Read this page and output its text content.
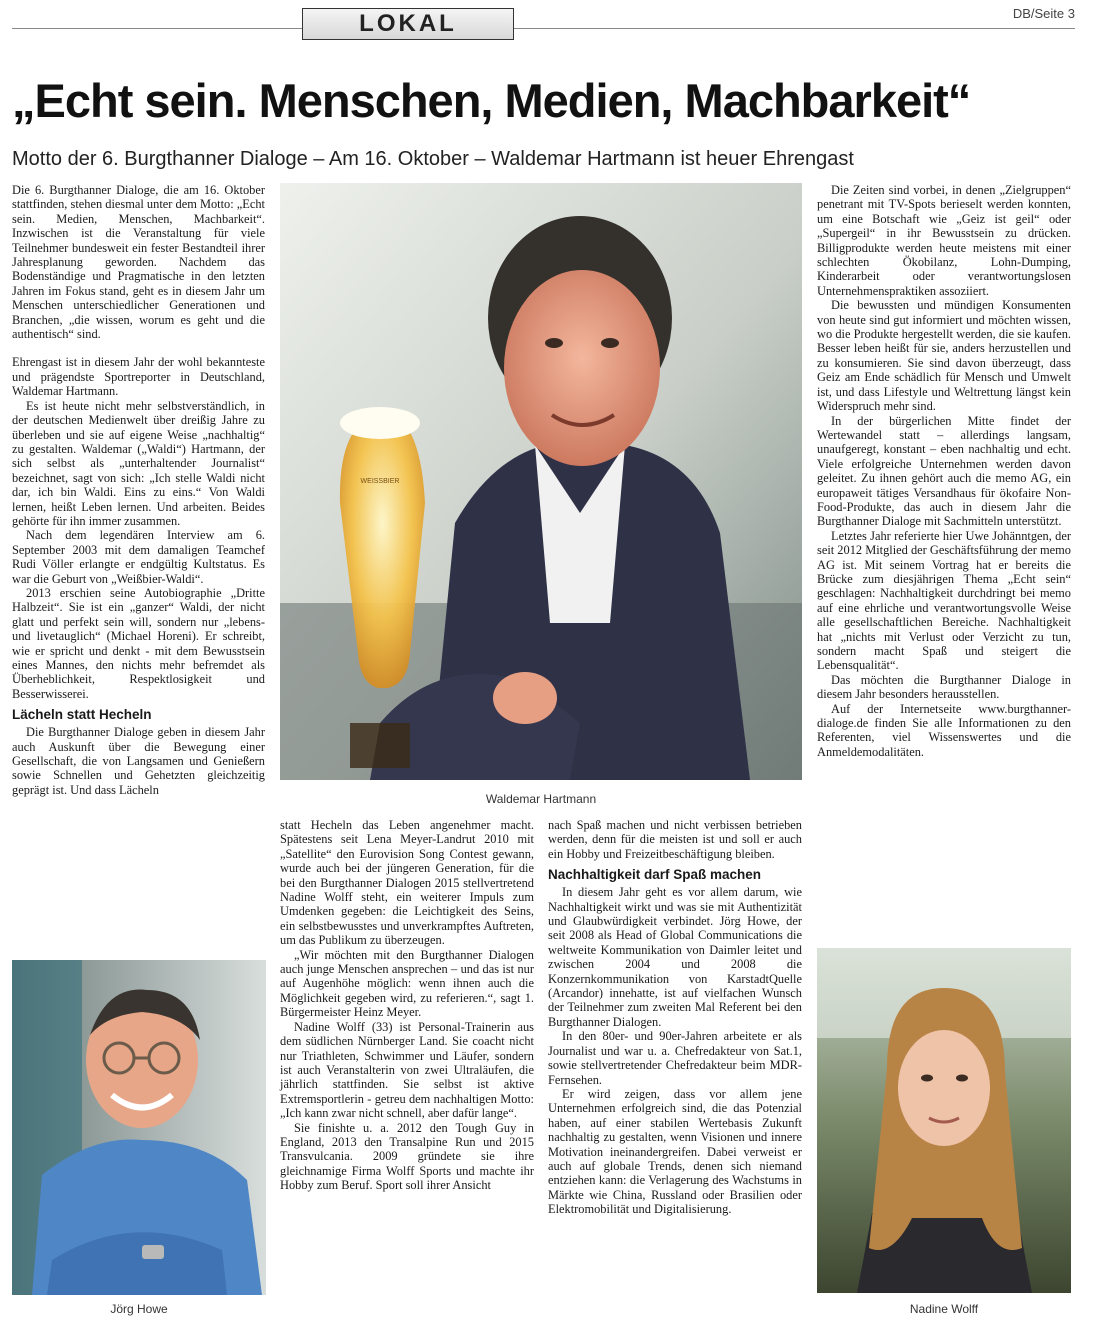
LOKAL	DB/Seite 3
„Echt sein. Menschen, Medien, Machbarkeit“
Motto der 6. Burgthanner Dialoge – Am 16. Oktober – Waldemar Hartmann ist heuer Ehrengast

Die 6. Burgthanner Dialoge, die am 16. Oktober stattfinden, stehen diesmal unter dem Motto: „Echt sein. Medien, Menschen, Machbarkeit“. Inzwischen ist die Veranstaltung für viele Teilnehmer bundesweit ein fester Bestandteil ihrer Jahresplanung geworden. Nachdem das Bodenständige und Pragmatische in den letzten Jahren im Fokus stand, geht es in diesem Jahr um Menschen unterschiedlicher Generationen und Branchen, „die wissen, worum es geht und die authentisch“ sind.

Ehrengast ist in diesem Jahr der wohl bekannteste und prägendste Sportreporter in Deutschland, Waldemar Hartmann.

Es ist heute nicht mehr selbstverständlich, in der deutschen Medienwelt über dreißig Jahre zu überleben und sie auf eigene Weise „nachhaltig“ zu gestalten. Waldemar („Waldi“) Hartmann, der sich selbst als „unterhaltender Journalist“ bezeichnet, sagt von sich: „Ich stelle Waldi nicht dar, ich bin Waldi. Eins zu eins.“ Von Waldi lernen, heißt Leben lernen. Und arbeiten. Beides gehörte für ihn immer zusammen.

Nach dem legendären Interview am 6. September 2003 mit dem damaligen Teamchef Rudi Völler erlangte er endgültig Kultstatus. Es war die Geburt von „Weißbier-Waldi“.

2013 erschien seine Autobiographie „Dritte Halbzeit“. Sie ist ein „ganzer“ Waldi, der nicht glatt und perfekt sein will, sondern nur „lebens- und livetauglich“ (Michael Horeni). Er schreibt, wie er spricht und denkt - mit dem Bewusstsein eines Mannes, den nichts mehr befremdet als Überheblichkeit, Respektlosigkeit und Besserwisserei.

Lächeln statt Hecheln

Die Burgthanner Dialoge geben in diesem Jahr auch Auskunft über die Bewegung einer Gesellschaft, die von Langsamen und Genießern sowie Schnellen und Gehetzten gleichzeitig geprägt ist. Und dass Lächeln

WEISSBIER
Waldemar Hartmann

statt Hecheln das Leben angenehmer macht. Spätestens seit Lena Meyer-Landrut 2010 mit „Satellite“ den Eurovision Song Contest gewann, wurde auch bei der jüngeren Generation, für die bei den Burgthanner Dialogen 2015 stellvertretend Nadine Wolff steht, ein weiterer Impuls zum Umdenken gegeben: die Leichtigkeit des Seins, ein selbstbewusstes und unverkrampftes Auftreten, um das Publikum zu überzeugen.

„Wir möchten mit den Burgthanner Dialogen auch junge Menschen ansprechen – und das ist nur auf Augenhöhe möglich: wenn ihnen auch die Möglichkeit gegeben wird, zu referieren.“, sagt 1. Bürgermeister Heinz Meyer.

Nadine Wolff (33) ist Personal-Trainerin aus dem südlichen Nürnberger Land. Sie coacht nicht nur Triathleten, Schwimmer und Läufer, sondern ist auch Veranstalterin von zwei Ultraläufen, die jährlich stattfinden. Sie selbst ist aktive Extremsportlerin - getreu dem nachhaltigen Motto: „Ich kann zwar nicht schnell, aber dafür lange“.

Sie finishte u. a. 2012 den Tough Guy in England, 2013 den Transalpine Run und 2015 Transvulcania. 2009 gründete sie ihre gleichnamige Firma Wolff Sports und machte ihr Hobby zum Beruf. Sport soll ihrer Ansicht

nach Spaß machen und nicht verbissen betrieben werden, denn für die meisten ist und soll er auch ein Hobby und Freizeitbeschäftigung bleiben.

Nachhaltigkeit darf Spaß machen

In diesem Jahr geht es vor allem darum, wie Nachhaltigkeit wirkt und was sie mit Authentizität und Glaubwürdigkeit verbindet. Jörg Howe, der seit 2008 als Head of Global Communications die weltweite Kommunikation von Daimler leitet und zwischen 2004 und 2008 die Konzernkommunikation von KarstadtQuelle (Arcandor) innehatte, ist auf vielfachen Wunsch der Teilnehmer zum zweiten Mal Referent bei den Burgthanner Dialogen.

In den 80er- und 90er-Jahren arbeitete er als Journalist und war u. a. Chefredakteur von Sat.1, sowie stellvertretender Chefredakteur beim MDR-Fernsehen.

Er wird zeigen, dass vor allem jene Unternehmen erfolgreich sind, die das Potenzial haben, auf einer stabilen Wertebasis Zukunft nachhaltig zu gestalten, wenn Visionen und innere Motivation ineinandergreifen. Dabei verweist er auch auf globale Trends, denen sich niemand entziehen kann: die Verlagerung des Wachstums in Märkte wie China, Russland oder Brasilien oder Elektromobilität und Digitalisierung.

Die Zeiten sind vorbei, in denen „Zielgruppen“ penetrant mit TV-Spots berieselt werden konnten, um eine Botschaft wie „Geiz ist geil“ oder „Supergeil“ in ihr Bewusstsein zu drücken. Billigprodukte werden heute meistens mit einer schlechten Ökobilanz, Lohn-Dumping, Kinderarbeit oder verantwortungslosen Unternehmenspraktiken assoziiert.

Die bewussten und mündigen Konsumenten von heute sind gut informiert und möchten wissen, wo die Produkte hergestellt werden, die sie kaufen. Besser leben heißt für sie, anders herzustellen und zu konsumieren. Sie sind davon überzeugt, dass Geiz am Ende schädlich für Mensch und Umwelt ist, und dass Lifestyle und Weltrettung längst kein Widerspruch mehr sind.

In der bürgerlichen Mitte findet der Wertewandel statt – allerdings langsam, unaufgeregt, konstant – eben nachhaltig und echt. Viele erfolgreiche Unternehmen werden davon geleitet. Zu ihnen gehört auch die memo AG, ein europaweit tätiges Versandhaus für ökofaire Non-Food-Produkte, das auch in diesem Jahr die Burgthanner Dialoge mit Sachmitteln unterstützt.

Letztes Jahr referierte hier Uwe Johänntgen, der seit 2012 Mitglied der Geschäftsführung der memo AG ist. Mit seinem Vortrag hat er bereits die Brücke zum diesjährigen Thema „Echt sein“ geschlagen: Nachhaltigkeit durchdringt bei memo auf eine ehrliche und verantwortungsvolle Weise alle gesellschaftlichen Bereiche. Nachhaltigkeit hat „nichts mit Verlust oder Verzicht zu tun, sondern macht Spaß und steigert die Lebensqualität“.

Das möchten die Burgthanner Dialoge in diesem Jahr besonders herausstellen.

Auf der Internetseite www.burgthanner-dialoge.de finden Sie alle Informationen zu den Referenten, viel Wissenswertes und die Anmeldemodalitäten.

Jörg Howe	Nadine Wolff
